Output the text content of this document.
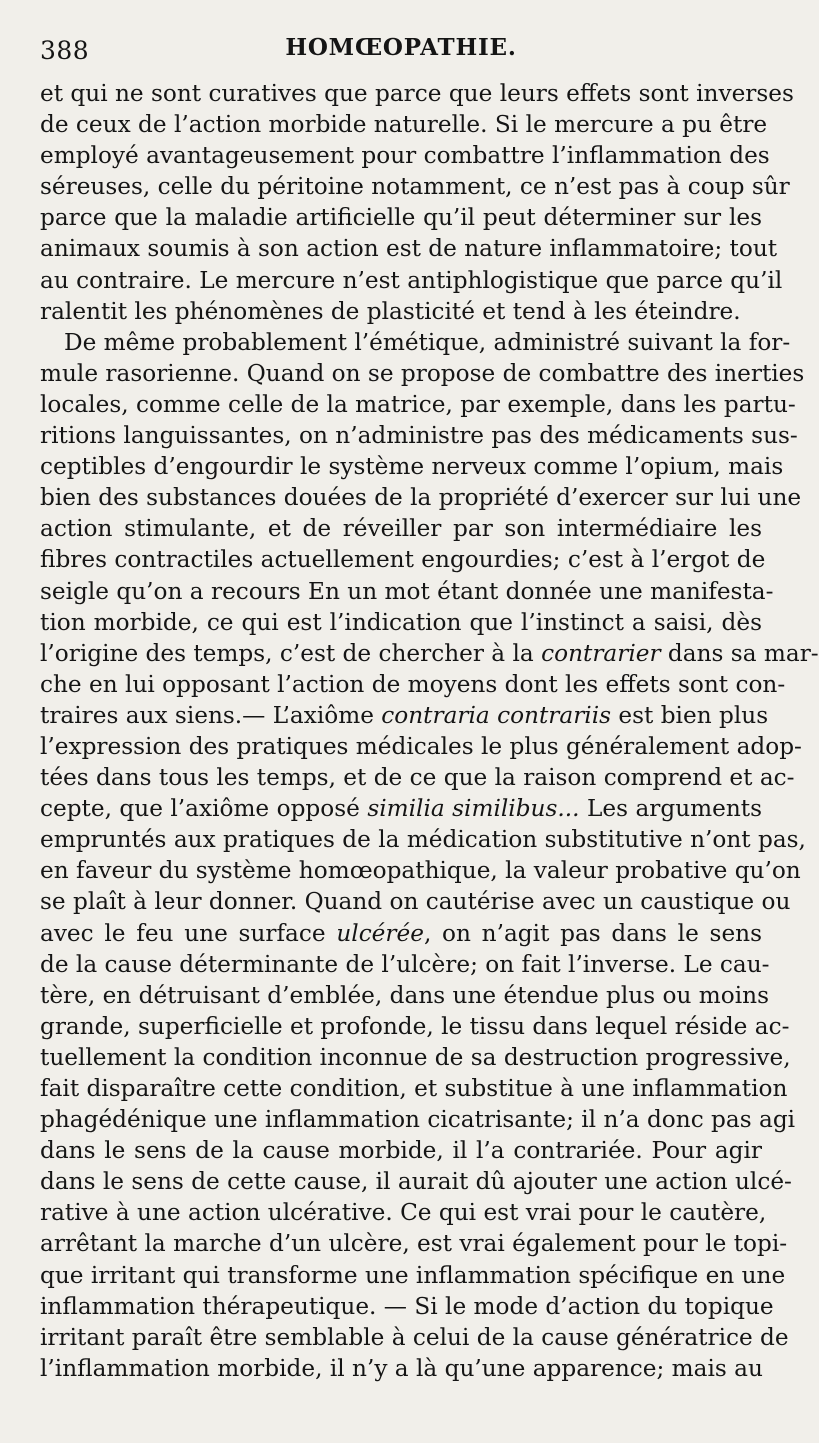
388	HOMŒOPATHIE.
et qui ne sont curatives que parce que leurs effets sont inverses
de ceux de l’action morbide naturelle. Si le mercure a pu être
employé avantageusement pour combattre l’inflammation des
séreuses, celle du péritoine notamment, ce n’est pas à coup sûr
parce que la maladie artificielle qu’il peut déterminer sur les
animaux soumis à son action est de nature inflammatoire; tout
au contraire. Le mercure n’est antiphlogistique que parce qu’il
ralentit les phénomènes de plasticité et tend à les éteindre.
De même probablement l’émétique, administré suivant la for-
mule rasorienne. Quand on se propose de combattre des inerties
locales, comme celle de la matrice, par exemple, dans les partu-
ritions languissantes, on n’administre pas des médicaments sus-
ceptibles d’engourdir le système nerveux comme l’opium, mais
bien des substances douées de la propriété d’exercer sur lui une
action stimulante, et de réveiller par son intermédiaire les
fibres contractiles actuellement engourdies; c’est à l’ergot de
seigle qu’on a recours En un mot étant donnée une manifesta-
tion morbide, ce qui est l’indication que l’instinct a saisi, dès
l’origine des temps, c’est de chercher à la contrarier dans sa mar-
che en lui opposant l’action de moyens dont les effets sont con-
traires aux siens.— L’axiôme contraria contrariis est bien plus
l’expression des pratiques médicales le plus généralement adop-
tées dans tous les temps, et de ce que la raison comprend et ac-
cepte, que l’axiôme opposé similia similibus... Les arguments
empruntés aux pratiques de la médication substitutive n’ont pas,
en faveur du système homœopathique, la valeur probative qu’on
se plaît à leur donner. Quand on cautérise avec un caustique ou
avec le feu une surface ulcérée, on n’agit pas dans le sens
de la cause déterminante de l’ulcère; on fait l’inverse. Le cau-
tère, en détruisant d’emblée, dans une étendue plus ou moins
grande, superficielle et profonde, le tissu dans lequel réside ac-
tuellement la condition inconnue de sa destruction progressive,
fait disparaître cette condition, et substitue à une inflammation
phagédénique une inflammation cicatrisante; il n’a donc pas agi
dans le sens de la cause morbide, il l’a contrariée. Pour agir
dans le sens de cette cause, il aurait dû ajouter une action ulcé-
rative à une action ulcérative. Ce qui est vrai pour le cautère,
arrêtant la marche d’un ulcère, est vrai également pour le topi-
que irritant qui transforme une inflammation spécifique en une
inflammation thérapeutique. — Si le mode d’action du topique
irritant paraît être semblable à celui de la cause génératrice de
l’inflammation morbide, il n’y a là qu’une apparence; mais au
